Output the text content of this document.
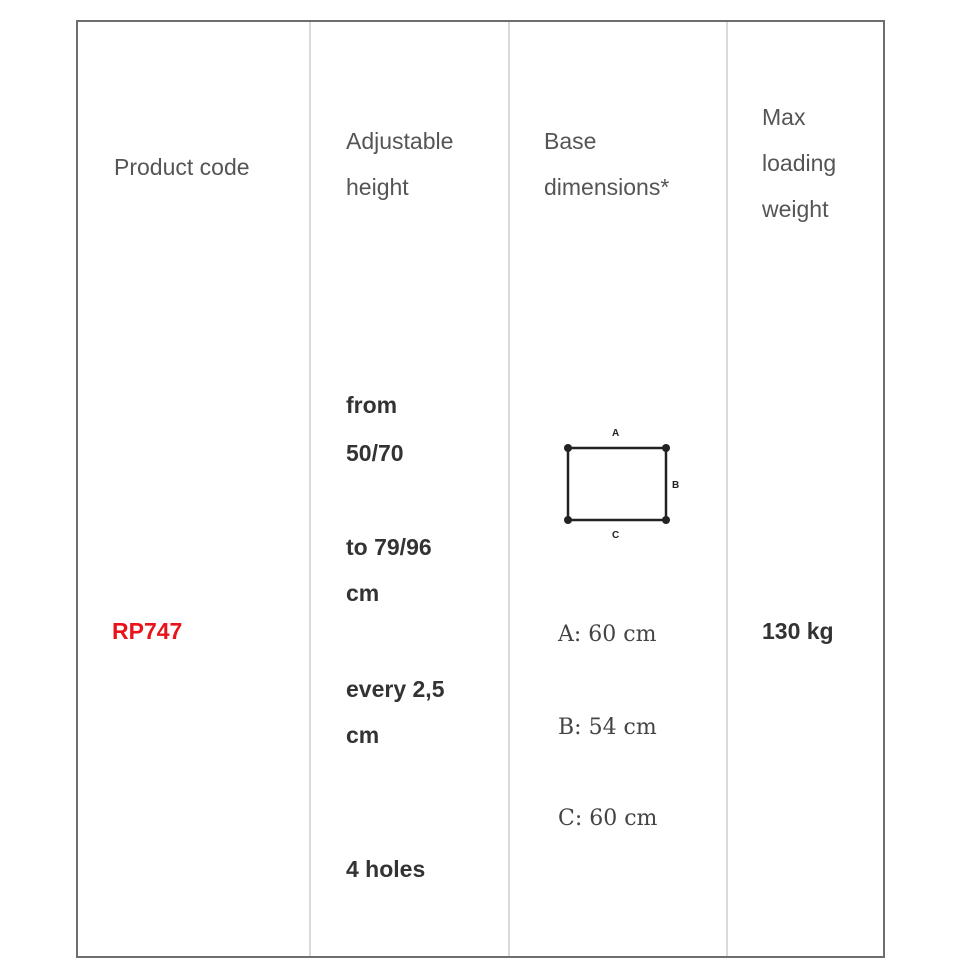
Product code
Adjustable
height
Base
dimensions*
Max
loading
weight
RP747
from
50/70
to 79/96
cm
every 2,5
cm
4 holes
A
B
C
A: 60 cm
B: 54 cm
C: 60 cm
130 kg
